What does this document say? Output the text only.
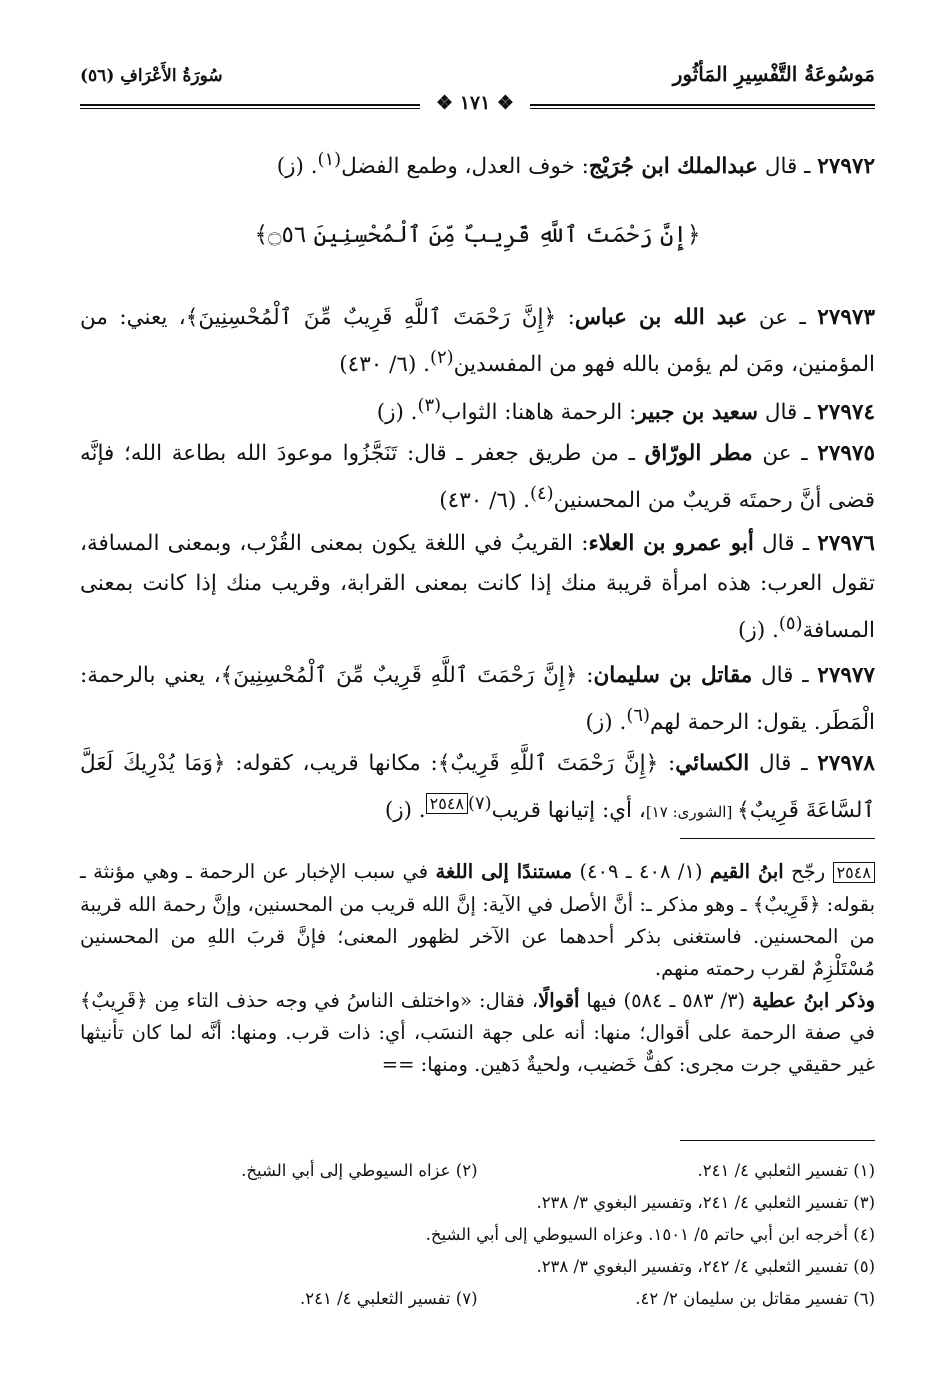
مَوسُوعَةُ التَّفْسِيرِ المَأثُور
سُورَةُ الأَعْرَافِ (٥٦)
❖ ١٧١ ❖
٢٧٩٧٢ ـ قال عبدالملك ابن جُرَيْج: خوف العدل، وطمع الفضل$^{(١)}$. (ز)
﴿إِنَّ رَحْمَتَ ٱللَّهِ قَرِيبٌ مِّنَ ٱلْمُحْسِنِينَ ۝٥٦﴾
٢٧٩٧٣ ـ عن عبد الله بن عباس: ﴿إِنَّ رَحْمَتَ ٱللَّهِ قَرِيبٌ مِّنَ ٱلْمُحْسِنِينَ﴾، يعني: من المؤمنين، ومَن لم يؤمن بالله فهو من المفسدين$^{(٢)}$. (٦/ ٤٣٠)
٢٧٩٧٤ ـ قال سعيد بن جبير: الرحمة هاهنا: الثواب$^{(٣)}$. (ز)
٢٧٩٧٥ ـ عن مطر الورّاق ـ من طريق جعفر ـ قال: تَنَجَّزُوا موعودَ الله بطاعة الله؛ فإنَّه قضى أنَّ رحمتَه قريبٌ من المحسنين$^{(٤)}$. (٦/ ٤٣٠)
٢٧٩٧٦ ـ قال أبو عمرو بن العلاء: القريبُ في اللغة يكون بمعنى القُرْب، وبمعنى المسافة، تقول العرب: هذه امرأة قريبة منك إذا كانت بمعنى القرابة، وقريب منك إذا كانت بمعنى المسافة$^{(٥)}$. (ز)
٢٧٩٧٧ ـ قال مقاتل بن سليمان: ﴿إِنَّ رَحْمَتَ ٱللَّهِ قَرِيبٌ مِّنَ ٱلْمُحْسِنِينَ﴾، يعني بالرحمة: الْمَطَر. يقول: الرحمة لهم$^{(٦)}$. (ز)
٢٧٩٧٨ ـ قال الكسائي: ﴿إِنَّ رَحْمَتَ ٱللَّهِ قَرِيبٌ﴾: مكانها قريب، كقوله: ﴿وَمَا يُدْرِيكَ لَعَلَّ ٱلسَّاعَةَ قَرِيبٌ﴾ [الشورى: ١٧]، أي: إتيانها قريب$^{(٧)٢٥٤٨}$. (ز)
٢٥٤٨ رجّح ابنُ القيم (١/ ٤٠٨ ـ ٤٠٩) مستندًا إلى اللغة في سبب الإخبار عن الرحمة ـ وهي مؤنثة ـ بقوله: ﴿قَرِيبٌ﴾ ـ وهو مذكر ـ: أنَّ الأصل في الآية: إنَّ الله قريب من المحسنين، وإنَّ رحمة الله قريبة من المحسنين. فاستغنى بذكر أحدهما عن الآخر لظهور المعنى؛ فإنَّ قربَ اللهِ من المحسنين مُسْتَلْزِمٌ لقرب رحمته منهم.
وذكر ابنُ عطية (٣/ ٥٨٣ ـ ٥٨٤) فيها أقوالًا، فقال: «واختلف الناسُ في وجه حذف التاء مِن ﴿قَرِيبٌ﴾ في صفة الرحمة على أقوال؛ منها: أنه على جهة النسَب، أي: ذات قرب. ومنها: أنَّه لما كان تأنيثها غير حقيقي جرت مجرى: كفٌّ خَضيب، ولحيةٌ دَهين. ومنها: ==
(١) تفسير الثعلبي ٤/ ٢٤١.
(٢) عزاه السيوطي إلى أبي الشيخ.
(٣) تفسير الثعلبي ٤/ ٢٤١، وتفسير البغوي ٣/ ٢٣٨.
(٤) أخرجه ابن أبي حاتم ٥/ ١٥٠١. وعزاه السيوطي إلى أبي الشيخ.
(٥) تفسير الثعلبي ٤/ ٢٤٢، وتفسير البغوي ٣/ ٢٣٨.
(٦) تفسير مقاتل بن سليمان ٢/ ٤٢.
(٧) تفسير الثعلبي ٤/ ٢٤١.
